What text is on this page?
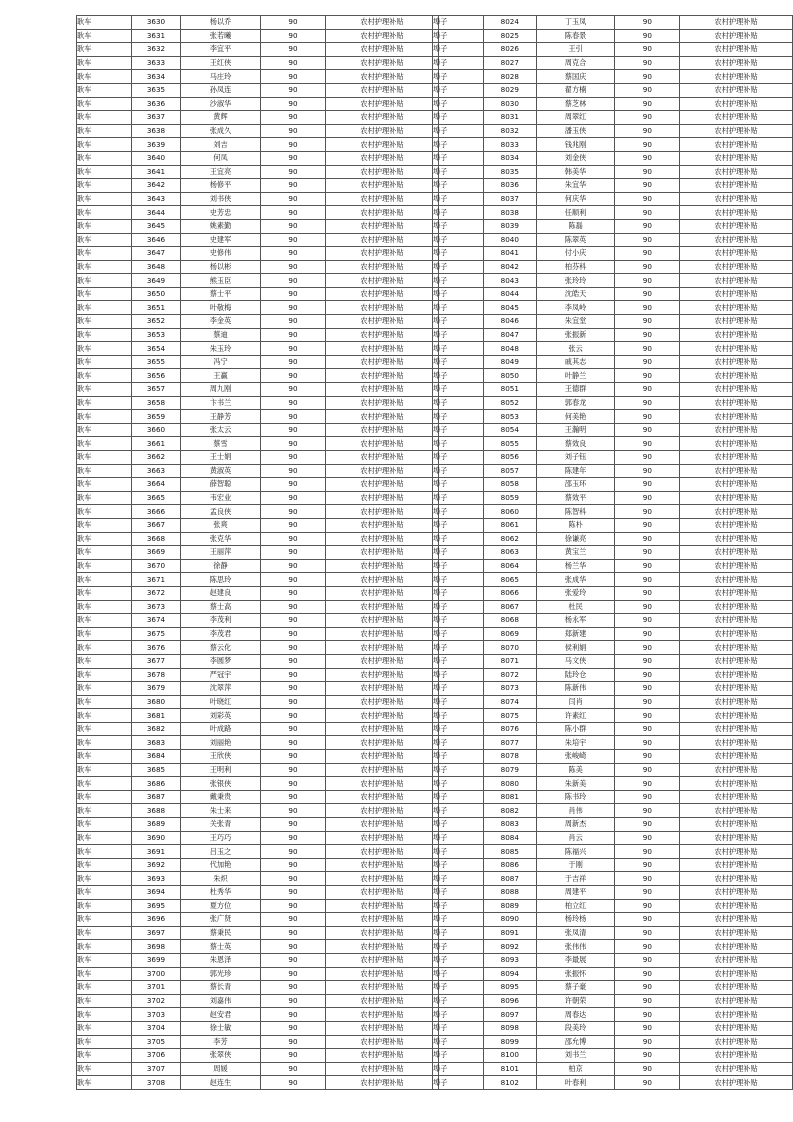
耿车	3630	杨以乔	90	农村护理补贴
耿车	3631	张若曦	90	农村护理补贴
耿车	3632	李宜平	90	农村护理补贴
耿车	3633	王红侠	90	农村护理补贴
耿车	3634	马庄玲	90	农村护理补贴
耿车	3635	孙凤连	90	农村护理补贴
耿车	3636	沙淑华	90	农村护理补贴
耿车	3637	黄辉	90	农村护理补贴
耿车	3638	张成久	90	农村护理补贴
耿车	3639	刘吉	90	农村护理补贴
耿车	3640	何凤	90	农村护理补贴
耿车	3641	王宜亮	90	农村护理补贴
耿车	3642	杨修平	90	农村护理补贴
耿车	3643	刘书侠	90	农村护理补贴
耿车	3644	史芳忠	90	农村护理补贴
耿车	3645	姚素勤	90	农村护理补贴
耿车	3646	史建军	90	农村护理补贴
耿车	3647	史修伟	90	农村护理补贴
耿车	3648	杨以彬	90	农村护理补贴
耿车	3649	熊玉臣	90	农村护理补贴
耿车	3650	蔡士平	90	农村护理补贴
耿车	3651	叶敬梅	90	农村护理补贴
耿车	3652	李金英	90	农村护理补贴
耿车	3653	蔡迪	90	农村护理补贴
耿车	3654	朱玉玲	90	农村护理补贴
耿车	3655	冯宁	90	农村护理补贴
耿车	3656	王赢	90	农村护理补贴
耿车	3657	周九刚	90	农村护理补贴
耿车	3658	卞书兰	90	农村护理补贴
耿车	3659	王静芳	90	农村护理补贴
耿车	3660	张太云	90	农村护理补贴
耿车	3661	蔡雪	90	农村护理补贴
耿车	3662	王士娟	90	农村护理补贴
耿车	3663	黄淑英	90	农村护理补贴
耿车	3664	薛智聪	90	农村护理补贴
耿车	3665	韦宏业	90	农村护理补贴
耿车	3666	孟良侠	90	农村护理补贴
耿车	3667	张爽	90	农村护理补贴
耿车	3668	张克华	90	农村护理补贴
耿车	3669	王丽萍	90	农村护理补贴
耿车	3670	徐静	90	农村护理补贴
耿车	3671	陈思玲	90	农村护理补贴
耿车	3672	赵建良	90	农村护理补贴
耿车	3673	蔡士高	90	农村护理补贴
耿车	3674	李茂利	90	农村护理补贴
耿车	3675	李茂君	90	农村护理补贴
耿车	3676	蔡云化	90	农村护理补贴
耿车	3677	李圆梦	90	农村护理补贴
耿车	3678	严冠宇	90	农村护理补贴
耿车	3679	沈翠萍	90	农村护理补贴
耿车	3680	叶晓红	90	农村护理补贴
耿车	3681	刘彩英	90	农村护理补贴
耿车	3682	叶成路	90	农村护理补贴
耿车	3683	刘丽艳	90	农村护理补贴
耿车	3684	王欣侠	90	农村护理补贴
耿车	3685	王明利	90	农村护理补贴
耿车	3686	张银侠	90	农村护理补贴
耿车	3687	戴秉贵	90	农村护理补贴
耿车	3688	朱士来	90	农村护理补贴
耿车	3689	关张青	90	农村护理补贴
耿车	3690	王巧巧	90	农村护理补贴
耿车	3691	吕玉之	90	农村护理补贴
耿车	3692	代加艳	90	农村护理补贴
耿车	3693	朱炽	90	农村护理补贴
耿车	3694	杜秀华	90	农村护理补贴
耿车	3695	夏方位	90	农村护理补贴
耿车	3696	张广贤	90	农村护理补贴
耿车	3697	蔡秉民	90	农村护理补贴
耿车	3698	蔡士英	90	农村护理补贴
耿车	3699	朱恩泽	90	农村护理补贴
耿车	3700	郭光珍	90	农村护理补贴
耿车	3701	蔡长青	90	农村护理补贴
耿车	3702	刘嘉伟	90	农村护理补贴
耿车	3703	赵安君	90	农村护理补贴
耿车	3704	徐士敏	90	农村护理补贴
耿车	3705	李芳	90	农村护理补贴
耿车	3706	张翠侠	90	农村护理补贴
耿车	3707	周媛	90	农村护理补贴
耿车	3708	赵连生	90	农村护理补贴
埠子	8024	丁玉凤	90	农村护理补贴
埠子	8025	陈春景	90	农村护理补贴
埠子	8026	王引	90	农村护理补贴
埠子	8027	周克合	90	农村护理补贴
埠子	8028	蔡国庆	90	农村护理补贴
埠子	8029	翟方楠	90	农村护理补贴
埠子	8030	蔡芝林	90	农村护理补贴
埠子	8031	周翠红	90	农村护理补贴
埠子	8032	潘玉侠	90	农村护理补贴
埠子	8033	钱兆刚	90	农村护理补贴
埠子	8034	刘金侠	90	农村护理补贴
埠子	8035	韩美华	90	农村护理补贴
埠子	8036	朱宜华	90	农村护理补贴
埠子	8037	何庆华	90	农村护理补贴
埠子	8038	任顺利	90	农村护理补贴
埠子	8039	陈磊	90	农村护理补贴
埠子	8040	陈翠英	90	农村护理补贴
埠子	8041	付小庆	90	农村护理补贴
埠子	8042	柏芬科	90	农村护理补贴
埠子	8043	张玲玲	90	农村护理补贴
埠子	8044	沈皓天	90	农村护理补贴
埠子	8045	李凤岭	90	农村护理补贴
埠子	8046	朱宜堂	90	农村护理补贴
埠子	8047	张振新	90	农村护理补贴
埠子	8048	张云	90	农村护理补贴
埠子	8049	戚其志	90	农村护理补贴
埠子	8050	叶静兰	90	农村护理补贴
埠子	8051	王德群	90	农村护理补贴
埠子	8052	郭春龙	90	农村护理补贴
埠子	8053	何美艳	90	农村护理补贴
埠子	8054	王瀚明	90	农村护理补贴
埠子	8055	蔡效良	90	农村护理补贴
埠子	8056	刘子钰	90	农村护理补贴
埠子	8057	陈建年	90	农村护理补贴
埠子	8058	邵玉环	90	农村护理补贴
埠子	8059	蔡效平	90	农村护理补贴
埠子	8060	陈智科	90	农村护理补贴
埠子	8061	陈朴	90	农村护理补贴
埠子	8062	徐谦亮	90	农村护理补贴
埠子	8063	黄宝兰	90	农村护理补贴
埠子	8064	杨兰华	90	农村护理补贴
埠子	8065	张成华	90	农村护理补贴
埠子	8066	张爱玲	90	农村护理补贴
埠子	8067	杜民	90	农村护理补贴
埠子	8068	杨永军	90	农村护理补贴
埠子	8069	郑新建	90	农村护理补贴
埠子	8070	侯利娟	90	农村护理补贴
埠子	8071	马文侠	90	农村护理补贴
埠子	8072	陆玲仓	90	农村护理补贴
埠子	8073	陈新伟	90	农村护理补贴
埠子	8074	闫肖	90	农村护理补贴
埠子	8075	许素红	90	农村护理补贴
埠子	8076	陈小群	90	农村护理补贴
埠子	8077	朱培宇	90	农村护理补贴
埠子	8078	张峻崎	90	农村护理补贴
埠子	8079	陈美	90	农村护理补贴
埠子	8080	朱新美	90	农村护理补贴
埠子	8081	陈书玲	90	农村护理补贴
埠子	8082	肖伟	90	农村护理补贴
埠子	8083	周新杰	90	农村护理补贴
埠子	8084	肖云	90	农村护理补贴
埠子	8085	陈福兴	90	农村护理补贴
埠子	8086	于刚	90	农村护理补贴
埠子	8087	于吉祥	90	农村护理补贴
埠子	8088	周建平	90	农村护理补贴
埠子	8089	柏立红	90	农村护理补贴
埠子	8090	杨玲杨	90	农村护理补贴
埠子	8091	张凤清	90	农村护理补贴
埠子	8092	张伟伟	90	农村护理补贴
埠子	8093	李最展	90	农村护理补贴
埠子	8094	张振怀	90	农村护理补贴
埠子	8095	蔡子豪	90	农村护理补贴
埠子	8096	许朝荣	90	农村护理补贴
埠子	8097	周春达	90	农村护理补贴
埠子	8098	段美玲	90	农村护理补贴
埠子	8099	邵允博	90	农村护理补贴
埠子	8100	刘书兰	90	农村护理补贴
埠子	8101	柏京	90	农村护理补贴
埠子	8102	叶春利	90	农村护理补贴
